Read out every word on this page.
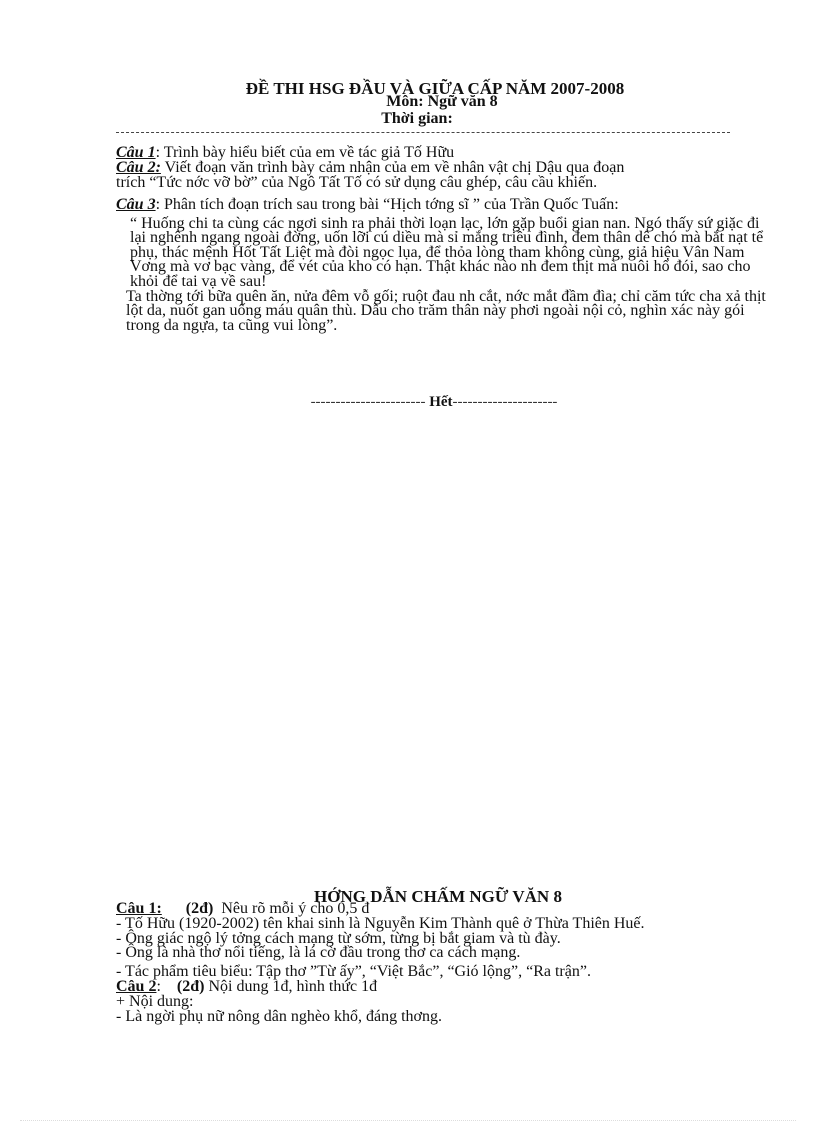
ĐỀ THI HSG ĐẦU VÀ GIỮA CẤP NĂM 2007-2008
Môn: Ngữ văn 8
Thời gian:

Câu 1: Trình bày hiểu biết của em về tác giả Tố Hữu

Câu 2: Viết đoạn văn trình bày cảm nhận của em về nhân vật chị Dậu qua đoạn

trích “Tức nớc vỡ bờ” của Ngô Tất Tố có sử dụng câu ghép, câu cầu khiến.

Câu 3: Phân tích đoạn trích sau trong bài “Hịch tớng sĩ ” của Trần Quốc Tuấn:

“ Huống chi ta cùng các ngơi sinh ra phải thời loạn lạc, lớn gặp buổi gian nan. Ngó thấy sứ giặc đi lại nghênh ngang ngoài đờng, uốn lỡi cú diều mà sỉ mắng triều đình, đem thân dê chó mà bắt nạt tể phụ, thác mệnh Hốt Tất Liệt mà đòi ngọc lụa, để thỏa lòng tham không cùng, giả hiệu Vân Nam Vơng mà vơ bạc vàng, để vét của kho có hạn. Thật khác nào nh đem thịt mà nuôi hổ đói, sao cho khỏi để tai vạ về sau!

Ta thờng tới bữa quên ăn, nửa đêm vỗ gối; ruột đau nh cắt, nớc mắt đầm đìa; chỉ căm tức cha xả thịt lột da, nuốt gan uống máu quân thù. Dẫu cho trăm thân này phơi ngoài nội cỏ, nghìn xác này gói trong da ngựa, ta cũng vui lòng”.

----------------------- Hết---------------------
HỚNG DẪN CHẤM NGỮ VĂN 8

Câu 1: (2đ) Nêu rõ mỗi ý cho 0,5 đ

- Tố Hữu (1920-2002) tên khai sinh là Nguyễn Kim Thành quê ở Thừa Thiên Huế.

- Ông giác ngộ lý tởng cách mạng từ sớm, từng bị bắt giam và tù đày.

- Ông là nhà thơ nổi tiếng, là lá cờ đầu trong thơ ca cách mạng.

- Tác phẩm tiêu biểu: Tập thơ ”Từ ấy”, “Việt Bắc”, “Gió lộng”, “Ra trận”.

Câu 2: (2đ) Nội dung 1đ, hình thức 1đ

+ Nội dung:

- Là ngời phụ nữ nông dân nghèo khổ, đáng thơng.
